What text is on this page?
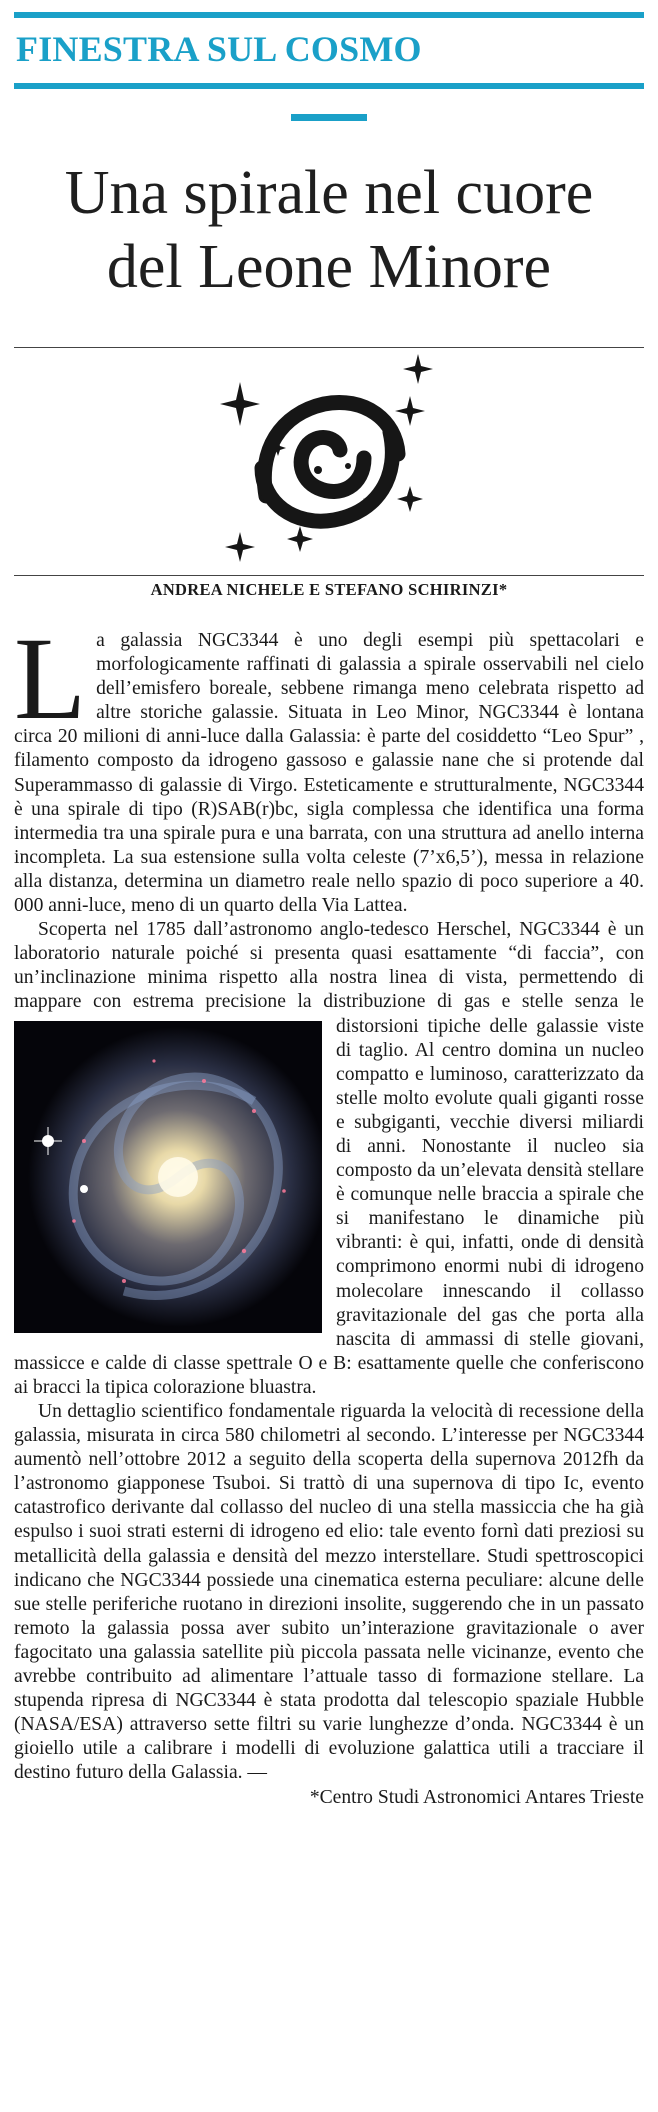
FINESTRA SUL COSMO
Una spirale nel cuore
del Leone Minore
ANDREA NICHELE E STEFANO SCHIRINZI*

La galassia NGC3344 è uno degli esempi più spettacolari e morfologicamente raffinati di galassia a spirale osservabili nel cielo dell’emisfero boreale, sebbene rimanga meno celebrata rispetto ad altre storiche galassie. Situata in Leo Minor, NGC3344 è lontana circa 20 milioni di anni-luce dalla Galassia: è parte del cosiddetto “Leo Spur” , filamento composto da idrogeno gassoso e galassie nane che si protende dal Superammasso di galassie di Virgo. Esteticamente e strutturalmente, NGC3344 è una spirale di tipo (R)SAB(r)bc, sigla complessa che identifica una forma intermedia tra una spirale pura e una barrata, con una struttura ad anello interna incompleta. La sua estensione sulla volta celeste (7’x6,5’), messa in relazione alla distanza, determina un diametro reale nello spazio di poco superiore a 40. 000 anni-luce, meno di un quarto della Via Lattea.

Scoperta nel 1785 dall’astronomo anglo-tedesco Herschel, NGC3344 è un laboratorio naturale poiché si presenta quasi esattamente “di faccia”, con un’inclinazione minima rispetto alla nostra linea di vista, permettendo di mappare con estrema precisione la distribuzione di gas e stelle senza le distorsioni tipiche delle
galassie viste di taglio. Al centro domina un nucleo compatto e luminoso, caratterizzato da stelle molto evolute quali giganti rosse e subgiganti, vecchie diversi miliardi di anni. Nonostante il nucleo sia composto da un’elevata densità stellare è comunque nelle braccia a spirale che si manifestano le dinamiche più vibranti: è qui, infatti, onde di densità comprimono enormi nubi di idrogeno molecolare innescando il collasso gravitazionale del gas che porta alla nascita di ammassi di stelle giovani, massicce e calde di classe spettrale O e B: esattamente quelle che conferiscono ai bracci la tipica colorazione bluastra.

Un dettaglio scientifico fondamentale riguarda la velocità di recessione della galassia, misurata in circa 580 chilometri al secondo. L’interesse per NGC3344 aumentò nell’ottobre 2012 a seguito della scoperta della supernova 2012fh da l’astronomo giapponese Tsuboi. Si trattò di una supernova di tipo Ic, evento catastrofico derivante dal collasso del nucleo di una stella massiccia che ha già espulso i suoi strati esterni di idrogeno ed elio: tale evento fornì dati preziosi su metallicità della galassia e densità del mezzo interstellare. Studi spettroscopici indicano che NGC3344 possiede una cinematica esterna peculiare: alcune delle sue stelle periferiche ruotano in direzioni insolite, suggerendo che in un passato remoto la galassia possa aver subito un’interazione gravitazionale o aver fagocitato una galassia satellite più piccola passata nelle vicinanze, evento che avrebbe contribuito ad alimentare l’attuale tasso di formazione stellare. La stupenda ripresa di NGC3344 è stata prodotta dal telescopio spaziale Hubble (NASA/ESA) attraverso sette filtri su varie lunghezze d’onda. NGC3344 è un gioiello utile a calibrare i modelli di evoluzione galattica utili a tracciare il destino futuro della Galassia. —
*Centro Studi Astronomici Antares Trieste
